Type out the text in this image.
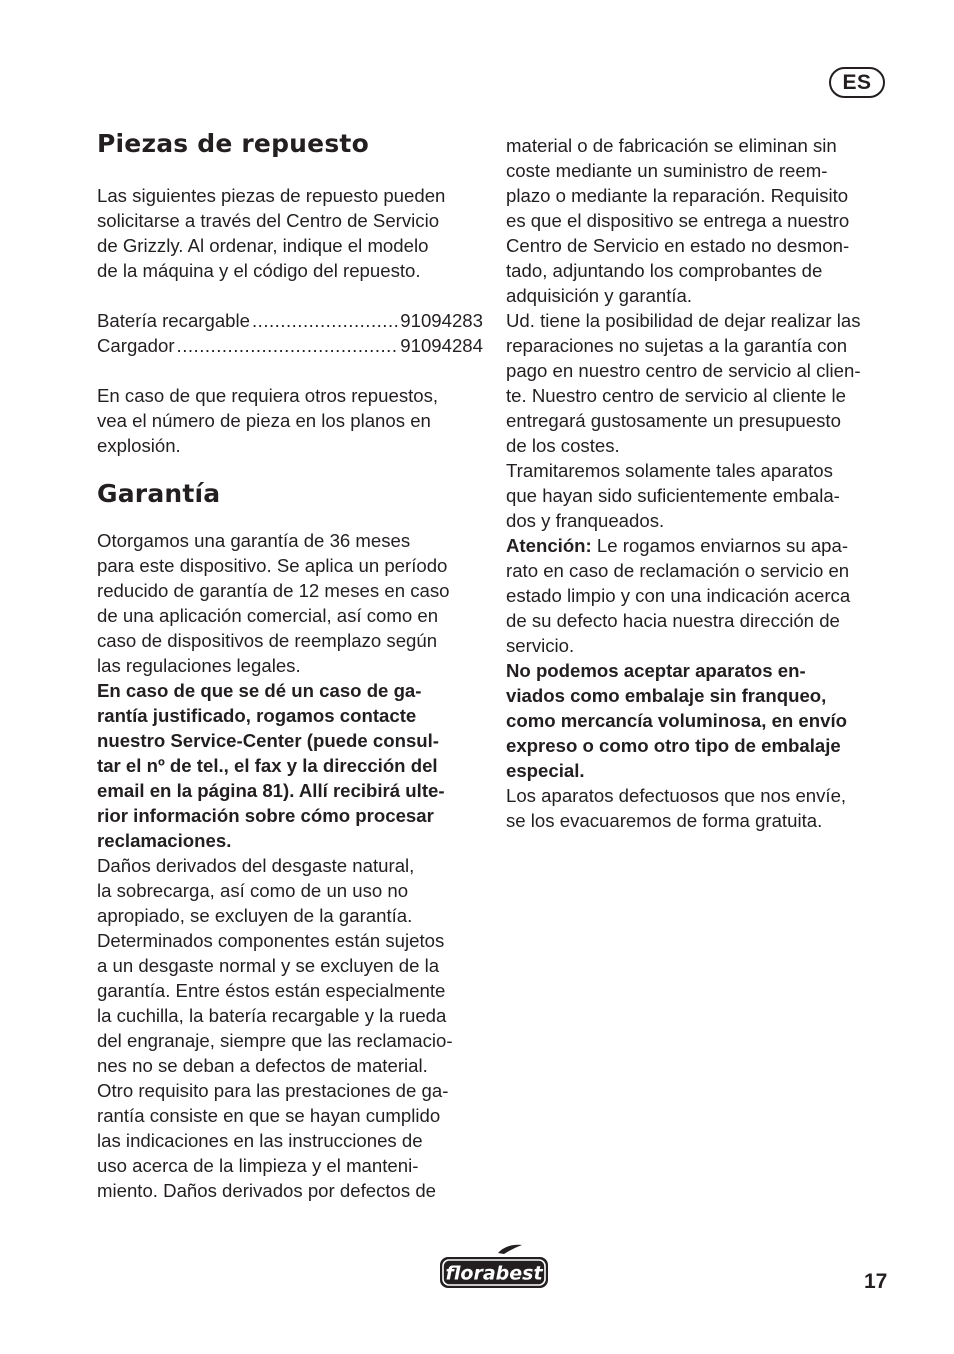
ES
Piezas de repuesto
Las siguientes piezas de repuesto pueden
solicitarse a través del Centro de Servicio
de Grizzly. Al ordenar, indique el modelo
de la máquina y el código del repuesto.
Batería recargable .....	91094283
Cargador .....	91094284
En caso de que requiera otros repuestos,
vea el número de pieza en los planos en
explosión.
Garantía
Otorgamos una garantía de 36 meses
para este dispositivo. Se aplica un período
reducido de garantía de 12 meses en caso
de una aplicación comercial, así como en
caso de dispositivos de reemplazo según
las regulaciones legales.
En caso de que se dé un caso de ga-
rantía justificado, rogamos contacte
nuestro Service-Center (puede consul-
tar el nº de tel., el fax y la dirección del
email en la página 81). Allí recibirá ulte-
rior información sobre cómo procesar
reclamaciones.
Daños derivados del desgaste natural,
la sobrecarga, así como de un uso no
apropiado, se excluyen de la garantía.
Determinados componentes están sujetos
a un desgaste normal y se excluyen de la
garantía. Entre éstos están especialmente
la cuchilla, la batería recargable y la rueda
del engranaje, siempre que las reclamacio-
nes no se deban a defectos de material.
Otro requisito para las prestaciones de ga-
rantía consiste en que se hayan cumplido
las indicaciones en las instrucciones de
uso acerca de la limpieza y el manteni-
miento. Daños derivados por defectos de
material o de fabricación se eliminan sin
coste mediante un suministro de reem-
plazo o mediante la reparación. Requisito
es que el dispositivo se entrega a nuestro
Centro de Servicio en estado no desmon-
tado, adjuntando los comprobantes de
adquisición y garantía.
Ud. tiene la posibilidad de dejar realizar las
reparaciones no sujetas a la garantía con
pago en nuestro centro de servicio al clien-
te. Nuestro centro de servicio al cliente le
entregará gustosamente un presupuesto
de los costes.
Tramitaremos solamente tales aparatos
que hayan sido suficientemente embala-
dos y franqueados.
Atención: Le rogamos enviarnos su apa-
rato en caso de reclamación o servicio en
estado limpio y con una indicación acerca
de su defecto hacia nuestra dirección de
servicio.
No podemos aceptar aparatos en-
viados como embalaje sin franqueo,
como mercancía voluminosa, en envío
expreso o como otro tipo de embalaje
especial.
Los aparatos defectuosos que nos envíe,
se los evacuaremos de forma gratuita.
florabest	17
